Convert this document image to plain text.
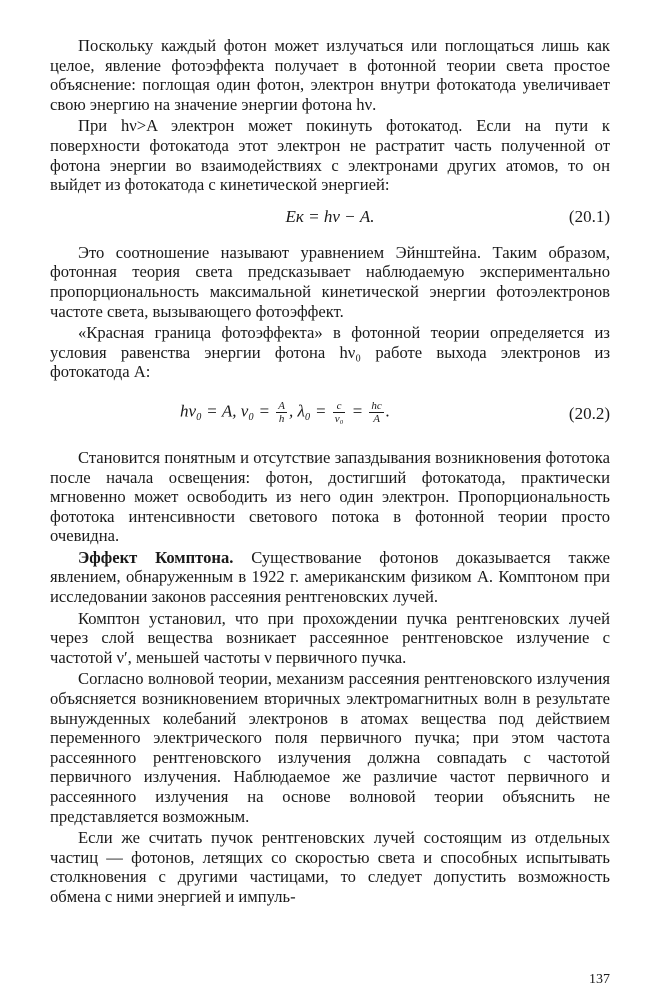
Поскольку каждый фотон может излучаться или поглощаться лишь как целое, явление фотоэффекта получает в фотонной теории света простое объяснение: поглощая один фотон, электрон внутри фотокатода увеличивает свою энергию на значение энергии фотона hν.

При hν>A электрон может покинуть фотокатод. Если на пути к поверхности фотокатода этот электрон не растратит часть полученной от фотона энергии во взаимодействиях с электронами других атомов, то он выйдет из фотокатода с кинетической энергией:

Eк = hν − A.	(20.1)

Это соотношение называют уравнением Эйнштейна. Таким образом, фотонная теория света предсказывает наблюдаемую экспериментально пропорциональность максимальной кинетической энергии фотоэлектронов частоте света, вызывающего фотоэффект.

«Красная граница фотоэффекта» в фотонной теории определяется из условия равенства энергии фотона hν₀ работе выхода электронов из фотокатода A:

hν₀ = A, $\nu_0 = \frac{A}{h}$ , $\lambda_0 = \frac{c}{\text{ν₀}} = \frac{hc}{A}$ .	(20.2)

Становится понятным и отсутствие запаздывания возникновения фототока после начала освещения: фотон, достигший фотокатода, практически мгновенно может освободить из него один электрон. Пропорциональность фототока интенсивности светового потока в фотонной теории просто очевидна.

Эффект Комптона. Существование фотонов доказывается также явлением, обнаруженным в 1922 г. американским физиком А. Комптоном при исследовании законов рассеяния рентгеновских лучей.

Комптон установил, что при прохождении пучка рентгеновских лучей через слой вещества возникает рассеянное рентгеновское излучение с частотой ν′, меньшей частоты ν первичного пучка.

Согласно волновой теории, механизм рассеяния рентгеновского излучения объясняется возникновением вторичных электромагнитных волн в результате вынужденных колебаний электронов в атомах вещества под действием переменного электрического поля первичного пучка; при этом частота рассеянного рентгеновского излучения должна совпадать с частотой первичного излучения. Наблюдаемое же различие частот первичного и рассеянного излучения на основе волновой теории объяснить не представляется возможным.

Если же считать пучок рентгеновских лучей состоящим из отдельных частиц — фотонов, летящих со скоростью света и способных испытывать столкновения с другими частицами, то следует допустить возможность обмена с ними энергией и импуль-

137
